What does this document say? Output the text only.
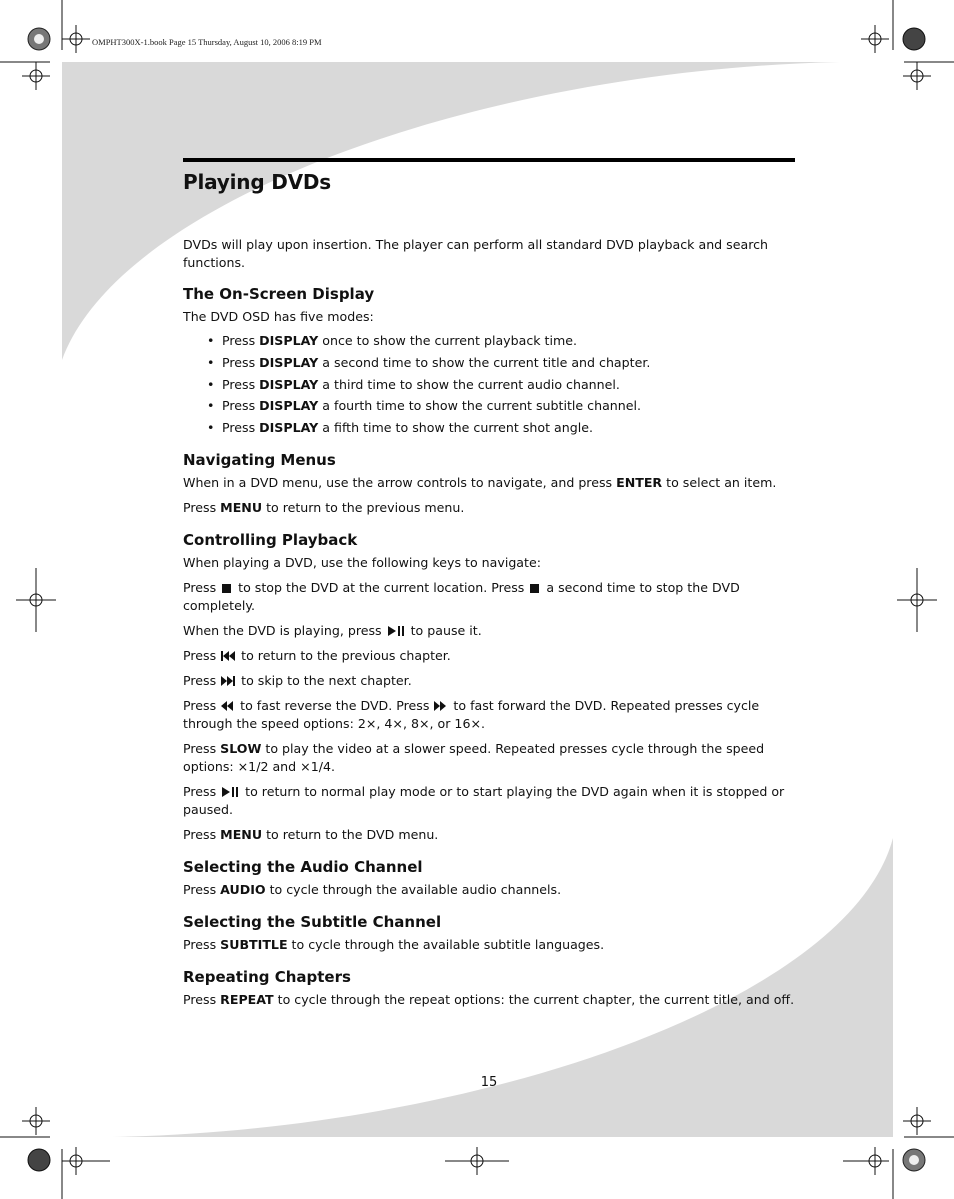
OMPHT300X-1.book Page 15 Thursday, August 10, 2006 8:19 PM
Playing DVDs

DVDs will play upon insertion. The player can perform all standard DVD playback and search functions.

The On-Screen Display

The DVD OSD has five modes:

• Press DISPLAY once to show the current playback time.
• Press DISPLAY a second time to show the current title and chapter.
• Press DISPLAY a third time to show the current audio channel.
• Press DISPLAY a fourth time to show the current subtitle channel.
• Press DISPLAY a fifth time to show the current shot angle.
Navigating Menus

When in a DVD menu, use the arrow controls to navigate, and press ENTER to select an item.

Press MENU to return to the previous menu.

Controlling Playback

When playing a DVD, use the following keys to navigate:

Press  to stop the DVD at the current location. Press  a second time to stop the DVD completely.

When the DVD is playing, press  to pause it.

Press  to return to the previous chapter.

Press  to skip to the next chapter.

Press  to fast reverse the DVD. Press  to fast forward the DVD. Repeated presses cycle through the speed options: 2×, 4×, 8×, or 16×.

Press SLOW to play the video at a slower speed. Repeated presses cycle through the speed options: ×1/2 and ×1/4.

Press  to return to normal play mode or to start playing the DVD again when it is stopped or paused.

Press MENU to return to the DVD menu.

Selecting the Audio Channel

Press AUDIO to cycle through the available audio channels.

Selecting the Subtitle Channel

Press SUBTITLE to cycle through the available subtitle languages.

Repeating Chapters

Press REPEAT to cycle through the repeat options: the current chapter, the current title, and off.

15
